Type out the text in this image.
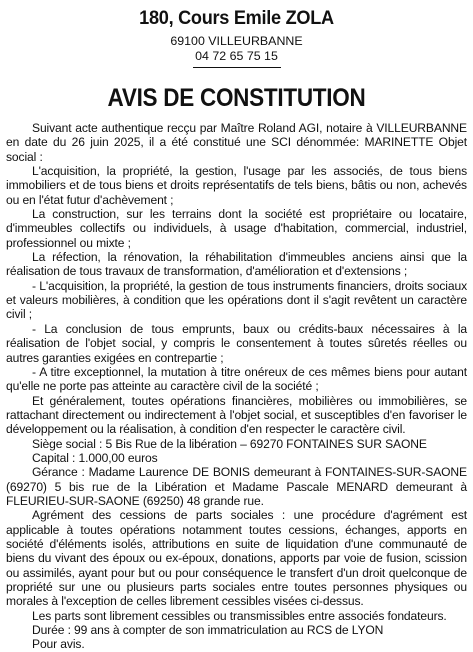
180, Cours Emile ZOLA
69100 VILLEURBANNE
04 72 65 75 15
AVIS DE CONSTITUTION

Suivant acte authentique recçu par Maître Roland AGI, notaire à VILLEURBANNE en date du 26 juin 2025, il a été constitué une SCI dénommée: MARINETTE Objet social :

L'acquisition, la propriété, la gestion, l'usage par les associés, de tous biens immobiliers et de tous biens et droits représentatifs de tels biens, bâtis ou non, achevés ou en l'état futur d'achèvement ;

La construction, sur les terrains dont la société est propriétaire ou locataire, d'immeubles collectifs ou individuels, à usage d'habitation, commercial, industriel, professionnel ou mixte ;

La réfection, la rénovation, la réhabilitation d'immeubles anciens ainsi que la réalisation de tous travaux de transformation, d'amélioration et d'extensions ;

- L'acquisition, la propriété, la gestion de tous instruments financiers, droits sociaux et valeurs mobilières, à condition que les opérations dont il s'agit revêtent un caractère civil ;

- La conclusion de tous emprunts, baux ou crédits-baux nécessaires à la réalisation de l'objet social, y compris le consentement à toutes sûretés réelles ou autres garanties exigées en contrepartie ;

- A titre exceptionnel, la mutation à titre onéreux de ces mêmes biens pour autant qu'elle ne porte pas atteinte au caractère civil de la société ;

Et généralement, toutes opérations financières, mobilières ou immobilières, se rattachant directement ou indirectement à l'objet social, et susceptibles d'en favoriser le développement ou la réalisation, à condition d'en respecter le caractère civil.

Siège social : 5 Bis Rue de la libération – 69270 FONTAINES SUR SAONE

Capital : 1.000,00 euros

Gérance : Madame Laurence DE BONIS demeurant à FONTAINES-SUR-SAONE (69270) 5 bis rue de la Libération et Madame Pascale MENARD demeurant à FLEURIEU-SUR-SAONE (69250) 48 grande rue.

Agrément des cessions de parts sociales : une procédure d'agrément est applicable à toutes opérations notamment toutes cessions, échanges, apports en société d'éléments isolés, attributions en suite de liquidation d'une communauté de biens du vivant des époux ou ex-époux, donations, apports par voie de fusion, scission ou assimilés, ayant pour but ou pour conséquence le transfert d'un droit quelconque de propriété sur une ou plusieurs parts sociales entre toutes personnes physiques ou morales à l'exception de celles librement cessibles visées ci-dessus.

Les parts sont librement cessibles ou transmissibles entre associés fondateurs.

Durée : 99 ans à compter de son immatriculation au RCS de LYON

Pour avis.
